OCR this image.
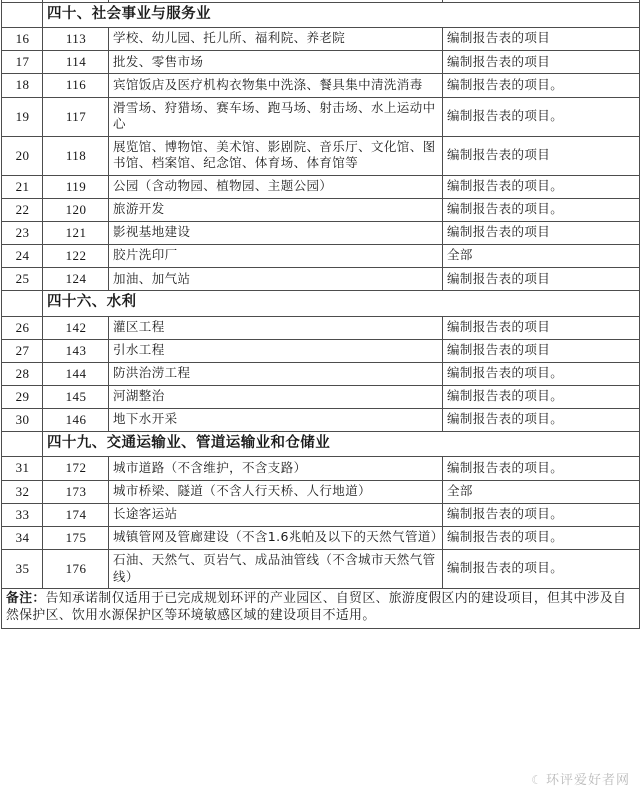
	四十、社会事业与服务业		
16	113	学校、幼儿园、托儿所、福利院、养老院	编制报告表的项目
17	114	批发、零售市场	编制报告表的项目
18	116	宾馆饭店及医疗机构衣物集中洗涤、餐具集中清洗消毒	编制报告表的项目。
19	117	滑雪场、狩猎场、赛车场、跑马场、射击场、水上运动中心	编制报告表的项目。
20	118	展览馆、博物馆、美术馆、影剧院、音乐厅、文化馆、图书馆、档案馆、纪念馆、体育场、体育馆等	编制报告表的项目
21	119	公园（含动物园、植物园、主题公园）	编制报告表的项目。
22	120	旅游开发	编制报告表的项目。
23	121	影视基地建设	编制报告表的项目
24	122	胶片洗印厂	全部
25	124	加油、加气站	编制报告表的项目
	四十六、水利		
26	142	灌区工程	编制报告表的项目
27	143	引水工程	编制报告表的项目
28	144	防洪治涝工程	编制报告表的项目。
29	145	河湖整治	编制报告表的项目。
30	146	地下水开采	编制报告表的项目。
	四十九、交通运输业、管道运输业和仓储业		
31	172	城市道路（不含维护，不含支路）	编制报告表的项目。
32	173	城市桥梁、隧道（不含人行天桥、人行地道）	全部
33	174	长途客运站	编制报告表的项目。
34	175	城镇管网及管廊建设（不含1.6兆帕及以下的天然气管道）	编制报告表的项目。
35	176	石油、天然气、页岩气、成品油管线（不含城市天然气管线）	编制报告表的项目。
备注：告知承诺制仅适用于已完成规划环评的产业园区、自贸区、旅游度假区内的建设项目，但其中涉及自然保护区、饮用水源保护区等环境敏感区域的建设项目不适用。			
☾ 环评爱好者网
